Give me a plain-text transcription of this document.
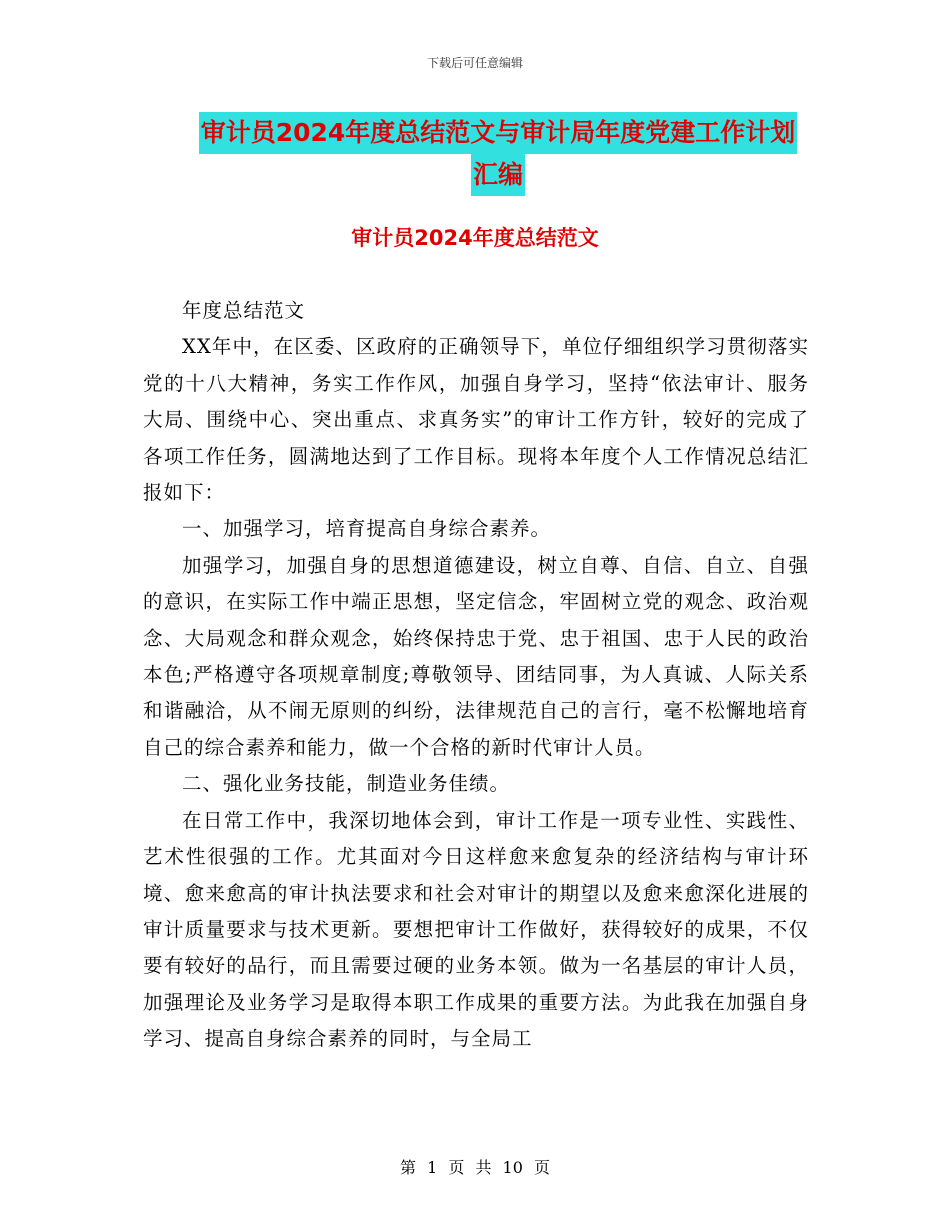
下载后可任意编辑
审计员2024年度总结范文与审计局年度党建工作计划
汇编
审计员2024年度总结范文

年度总结范文

XX年中，在区委、区政府的正确领导下，单位仔细组织学习贯彻落实党的十八大精神，务实工作作风，加强自身学习，坚持“依法审计、服务大局、围绕中心、突出重点、求真务实”的审计工作方针，较好的完成了各项工作任务，圆满地达到了工作目标。现将本年度个人工作情况总结汇报如下：

一、加强学习，培育提高自身综合素养。

加强学习，加强自身的思想道德建设，树立自尊、自信、自立、自强的意识，在实际工作中端正思想，坚定信念，牢固树立党的观念、政治观念、大局观念和群众观念，始终保持忠于党、忠于祖国、忠于人民的政治本色;严格遵守各项规章制度;尊敬领导、团结同事，为人真诚、人际关系和谐融洽，从不闹无原则的纠纷，法律规范自己的言行，毫不松懈地培育自己的综合素养和能力，做一个合格的新时代审计人员。

二、强化业务技能，制造业务佳绩。

在日常工作中，我深切地体会到，审计工作是一项专业性、实践性、艺术性很强的工作。尤其面对今日这样愈来愈复杂的经济结构与审计环境、愈来愈高的审计执法要求和社会对审计的期望以及愈来愈深化进展的审计质量要求与技术更新。要想把审计工作做好，获得较好的成果，不仅要有较好的品行，而且需要过硬的业务本领。做为一名基层的审计人员，加强理论及业务学习是取得本职工作成果的重要方法。为此我在加强自身学习、提高自身综合素养的同时，与全局工

第 1 页 共 10 页
